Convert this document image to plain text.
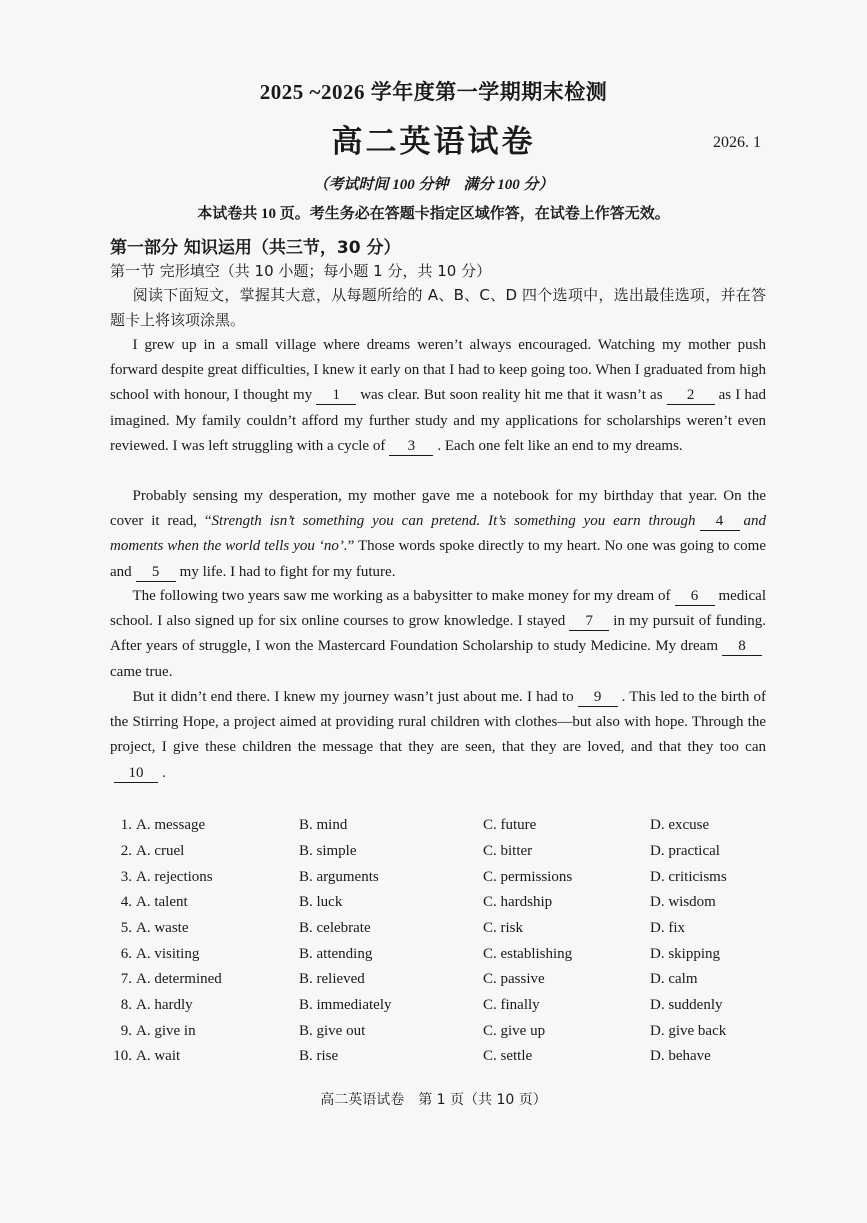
2025 ~2026 学年度第一学期期末检测
高二英语试卷	2026. 1
（考试时间 100 分钟　满分 100 分）
本试卷共 10 页。考生务必在答题卡指定区域作答，在试卷上作答无效。
第一部分 知识运用（共三节，30 分）
第一节 完形填空（共 10 小题；每小题 1 分，共 10 分）
  阅读下面短文，掌握其大意，从每题所给的 A、B、C、D 四个选项中，选出最佳选项，并在答题卡上将该项涂黑。
  I grew up in a small village where dreams weren’t always encouraged. Watching my mother push forward despite great difficulties, I knew it early on that I had to keep going too. When I graduated from high school with honour, I thought my 1 was clear. But soon reality hit me that it wasn’t as 2 as I had imagined. My family couldn’t afford my further study and my applications for scholarships weren’t even reviewed. I was left struggling with a cycle of 3 . Each one felt like an end to my dreams.
  Probably sensing my desperation, my mother gave me a notebook for my birthday that year. On the cover it read, “Strength isn’t something you can pretend. It’s something you earn through 4 and moments when the world tells you ‘no’.” Those words spoke directly to my heart. No one was going to come and 5 my life. I had to fight for my future.
  The following two years saw me working as a babysitter to make money for my dream of 6 medical school. I also signed up for six online courses to grow knowledge. I stayed 7 in my pursuit of funding. After years of struggle, I won the Mastercard Foundation Scholarship to study Medicine. My dream 8came true.
  But it didn’t end there. I knew my journey wasn’t just about me. I had to 9 . This led to the birth of the Stirring Hope, a project aimed at providing rural children with clothes—but also with hope. Through the project, I give these children the message that they are seen, that they are loved, and that they too can10 .
1. A. message	B. mind	C. future	D. excuse
2. A. cruel	B. simple	C. bitter	D. practical
3. A. rejections	B. arguments	C. permissions	D. criticisms
4. A. talent	B. luck	C. hardship	D. wisdom
5. A. waste	B. celebrate	C. risk	D. fix
6. A. visiting	B. attending	C. establishing	D. skipping
7. A. determined	B. relieved	C. passive	D. calm
8. A. hardly	B. immediately	C. finally	D. suddenly
9. A. give in	B. give out	C. give up	D. give back
10. A. wait	B. rise	C. settle	D. behave
高二英语试卷　第 1 页（共 10 页）
